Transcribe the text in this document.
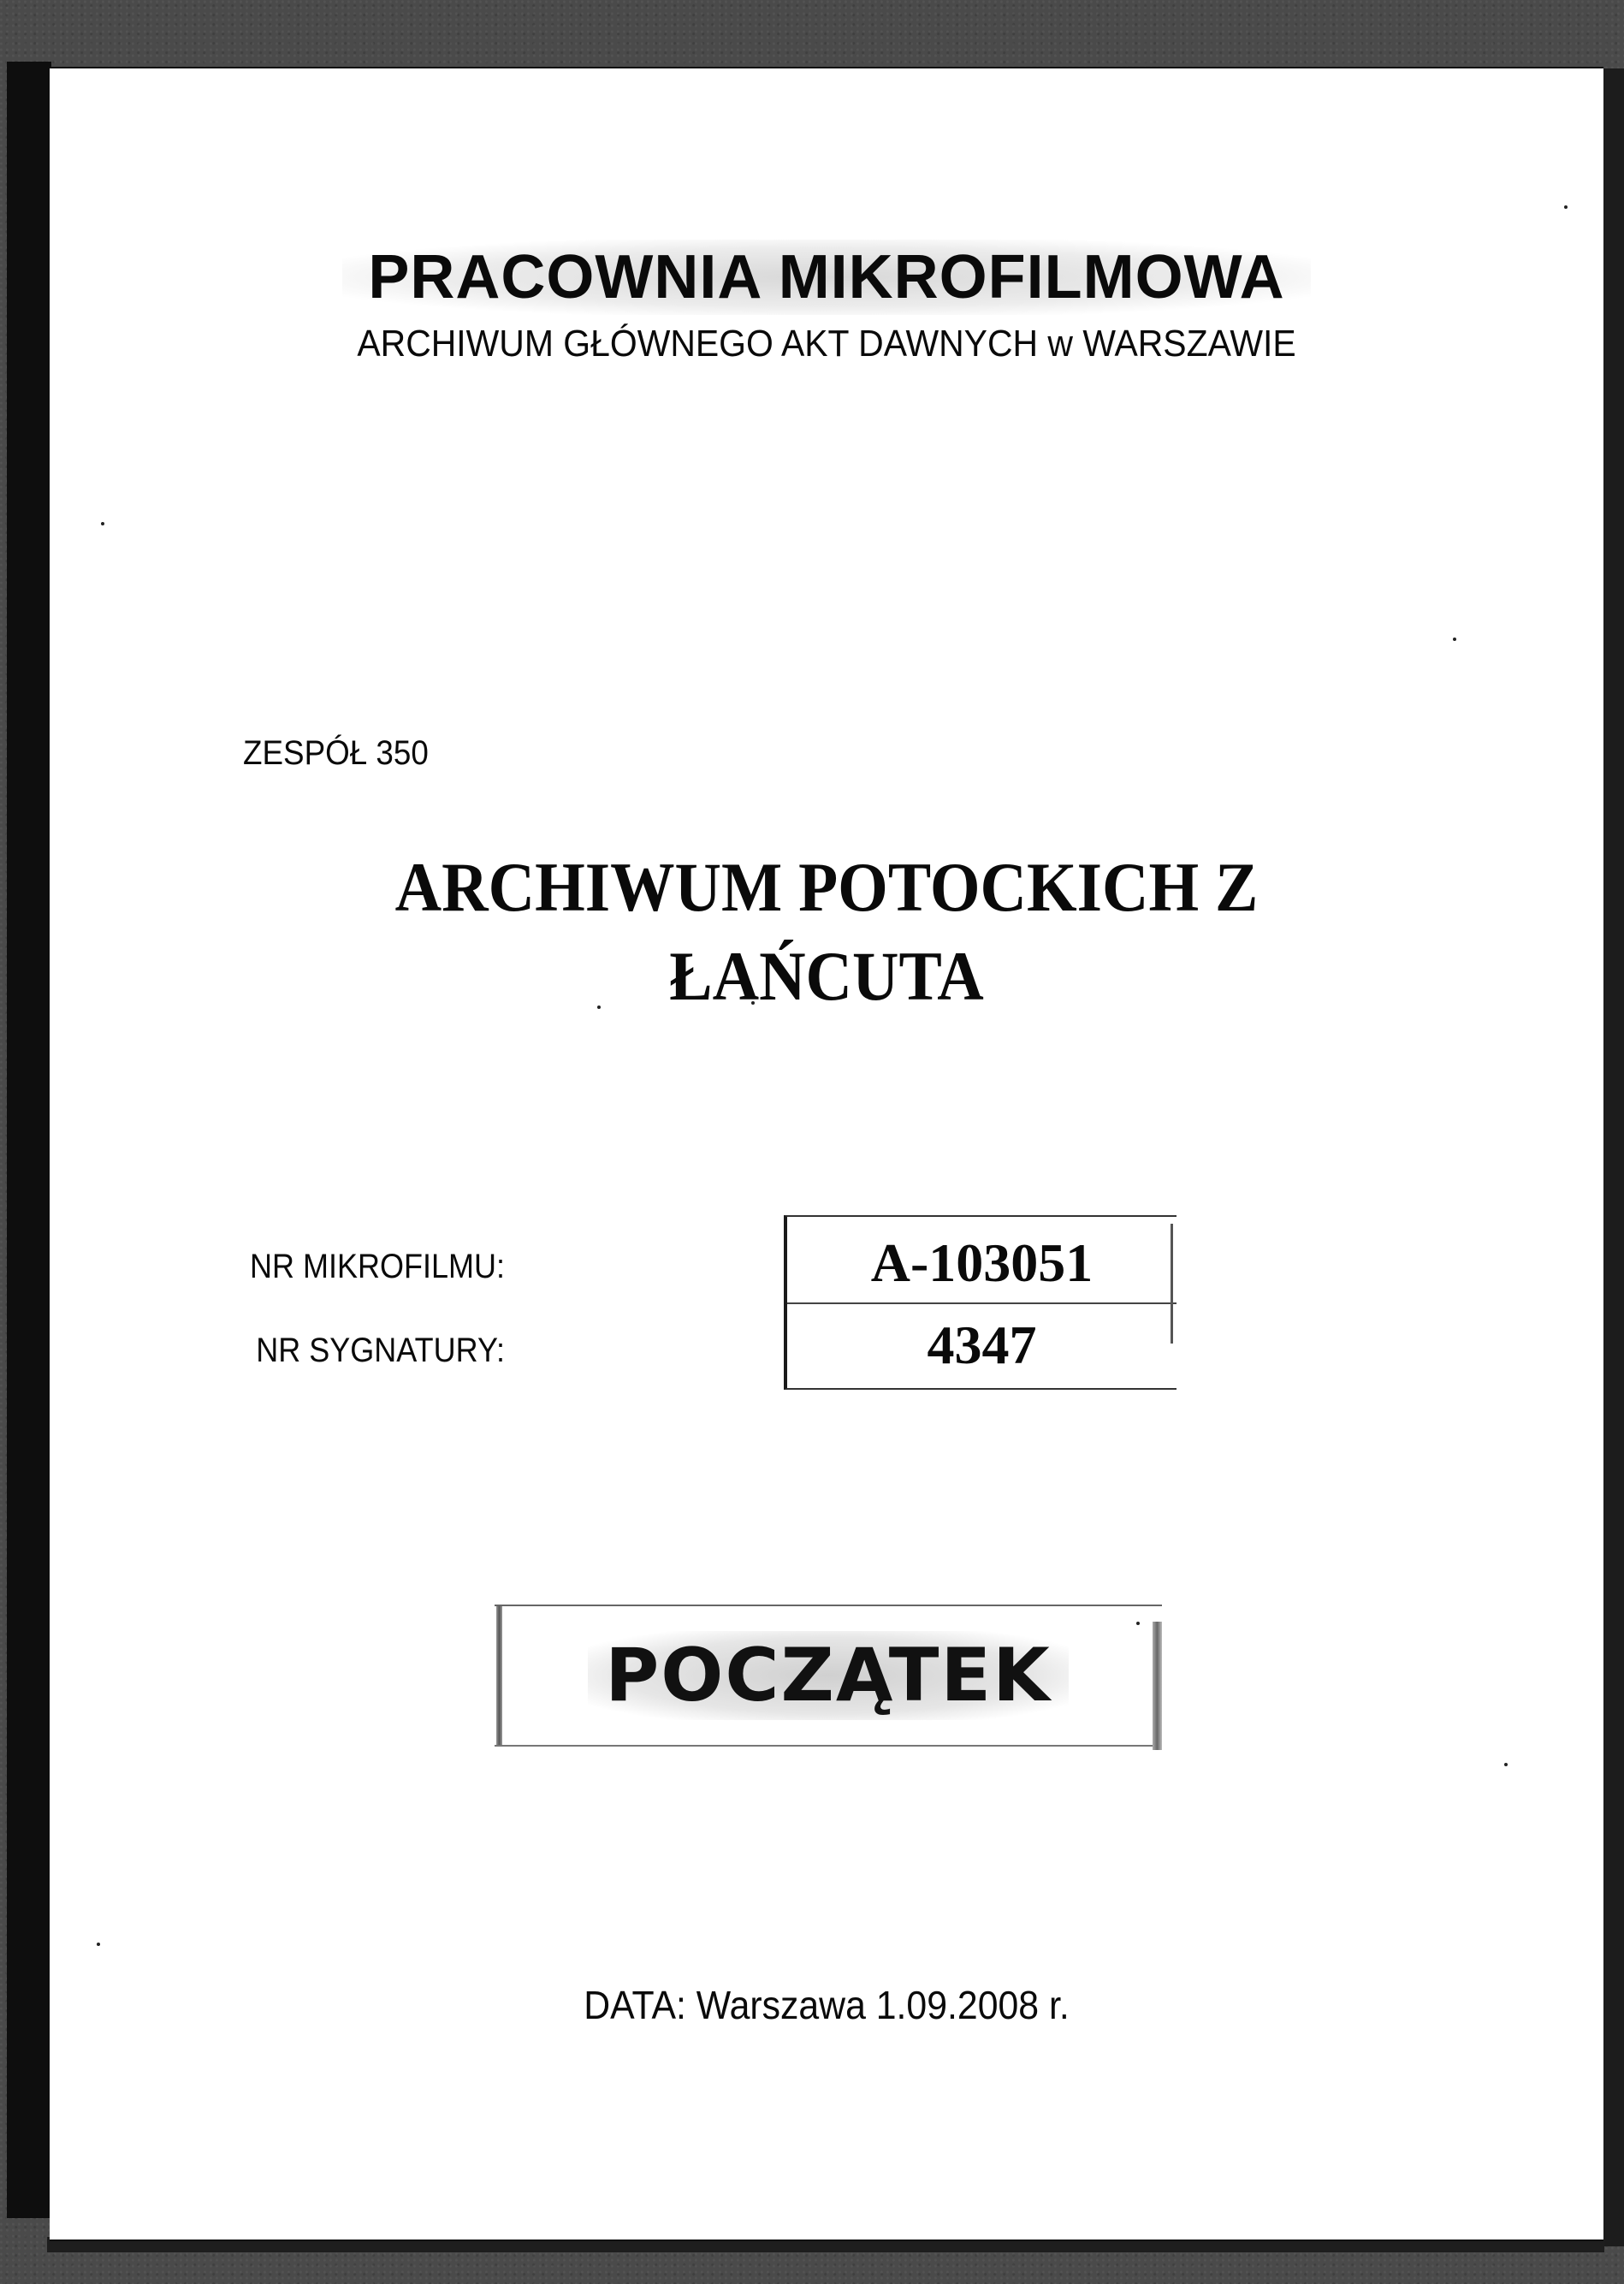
PRACOWNIA MIKROFILMOWA
ARCHIWUM GŁÓWNEGO AKT DAWNYCH w WARSZAWIE
ZESPÓŁ 350
ARCHIWUM POTOCKICH Z
ŁAŃCUTA
NR MIKROFILMU:
NR SYGNATURY:
A-103051
4347
POCZĄTEK
DATA: Warszawa 1.09.2008 r.
